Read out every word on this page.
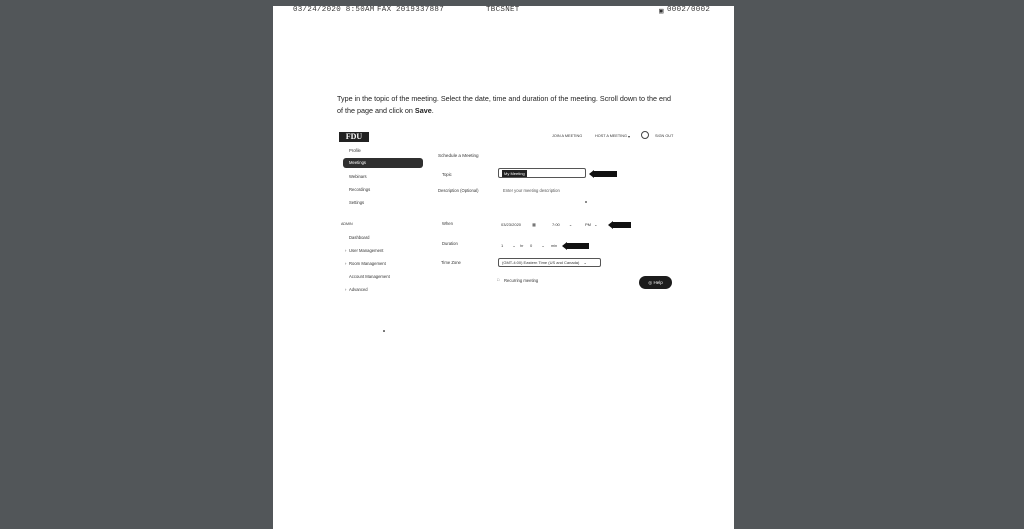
03/24/2020 8:50AM FAX 2019337887	TBCSNET	▣ 0002/0002
Type in the topic of the meeting. Select the date, time and duration of the meeting. Scroll down to the end of the page and click on Save.
FDU	JOIN A MEETING	HOST A MEETING ▾	SIGN OUT
Profile
Meetings
Webinars
Recordings
Settings
ADMIN
Dashboard
› User Management
› Room Management
Account Management
› Advanced
Schedule a Meeting
Topic	My Meeting
Description (Optional)	Enter your meeting description
When	03/23/2020	▦	7:00 ⌄	PM ⌄
Duration	1 ⌄	hr	0 ⌄	min
Time Zone	(GMT-4:00) Eastern Time (US and Canada) ⌄
□ Recurring meeting	◎ Help
